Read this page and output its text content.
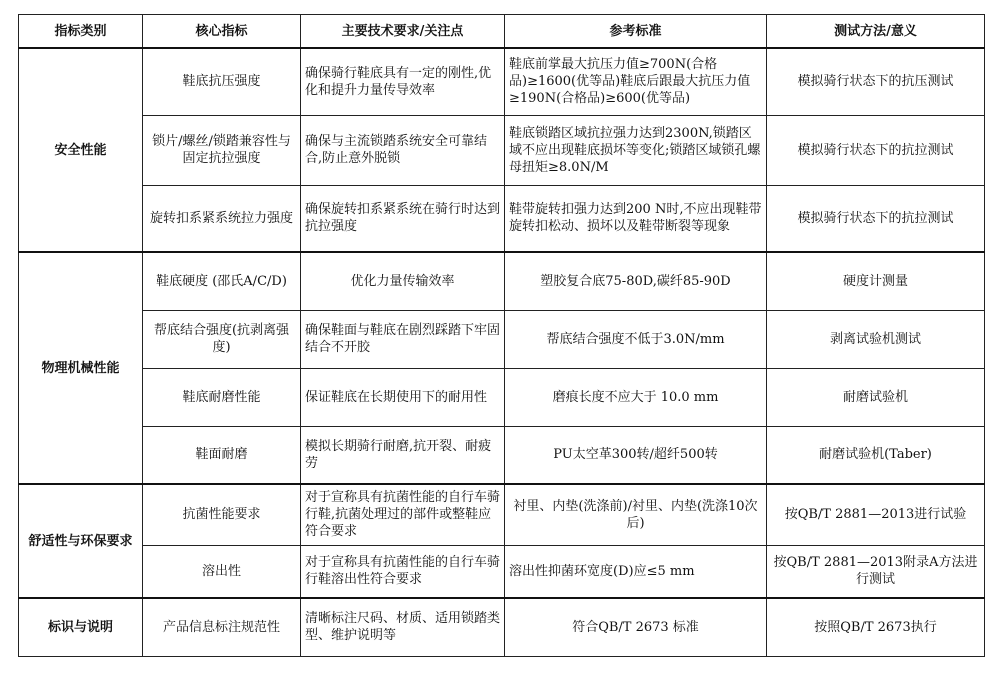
指标类别	核心指标	主要技术要求/关注点	参考标准	测试方法/意义
安全性能	鞋底抗压强度	确保骑行鞋底具有一定的刚性,优化和提升力量传导效率	鞋底前掌最大抗压力值≥700N(合格品)≥1600(优等品)鞋底后跟最大抗压力值≥190N(合格品)≥600(优等品)	模拟骑行状态下的抗压测试
	锁片/螺丝/锁踏兼容性与固定抗拉强度	确保与主流锁踏系统安全可靠结合,防止意外脱锁	鞋底锁踏区域抗拉强力达到2300N,锁踏区域不应出现鞋底损坏等变化;锁踏区域锁孔螺母扭矩≥8.0N/M	模拟骑行状态下的抗拉测试
	旋转扣系紧系统拉力强度	确保旋转扣系紧系统在骑行时达到抗拉强度	鞋带旋转扣强力达到200 N时,不应出现鞋带旋转扣松动、损坏以及鞋带断裂等现象	模拟骑行状态下的抗拉测试
物理机械性能	鞋底硬度 (邵氏A/C/D)	优化力量传输效率	塑胶复合底75-80D,碳纤85-90D	硬度计测量
	帮底结合强度(抗剥离强度)	确保鞋面与鞋底在剧烈踩踏下牢固结合不开胶	帮底结合强度不低于3.0N/mm	剥离试验机测试
	鞋底耐磨性能	保证鞋底在长期使用下的耐用性	磨痕长度不应大于 10.0 mm	耐磨试验机
	鞋面耐磨	模拟长期骑行耐磨,抗开裂、耐疲劳	PU太空革300转/超纤500转	耐磨试验机(Taber)
舒适性与环保要求	抗菌性能要求	对于宣称具有抗菌性能的自行车骑行鞋,抗菌处理过的部件或整鞋应符合要求	衬里、内垫(洗涤前)/衬里、内垫(洗涤10次后)	按QB/T 2881—2013进行试验
	溶出性	对于宣称具有抗菌性能的自行车骑行鞋溶出性符合要求	溶出性抑菌环宽度(D)应≤5 mm	按QB/T 2881—2013附录A方法进行测试
标识与说明	产品信息标注规范性	清晰标注尺码、材质、适用锁踏类型、维护说明等	符合QB/T 2673 标准	按照QB/T 2673执行
